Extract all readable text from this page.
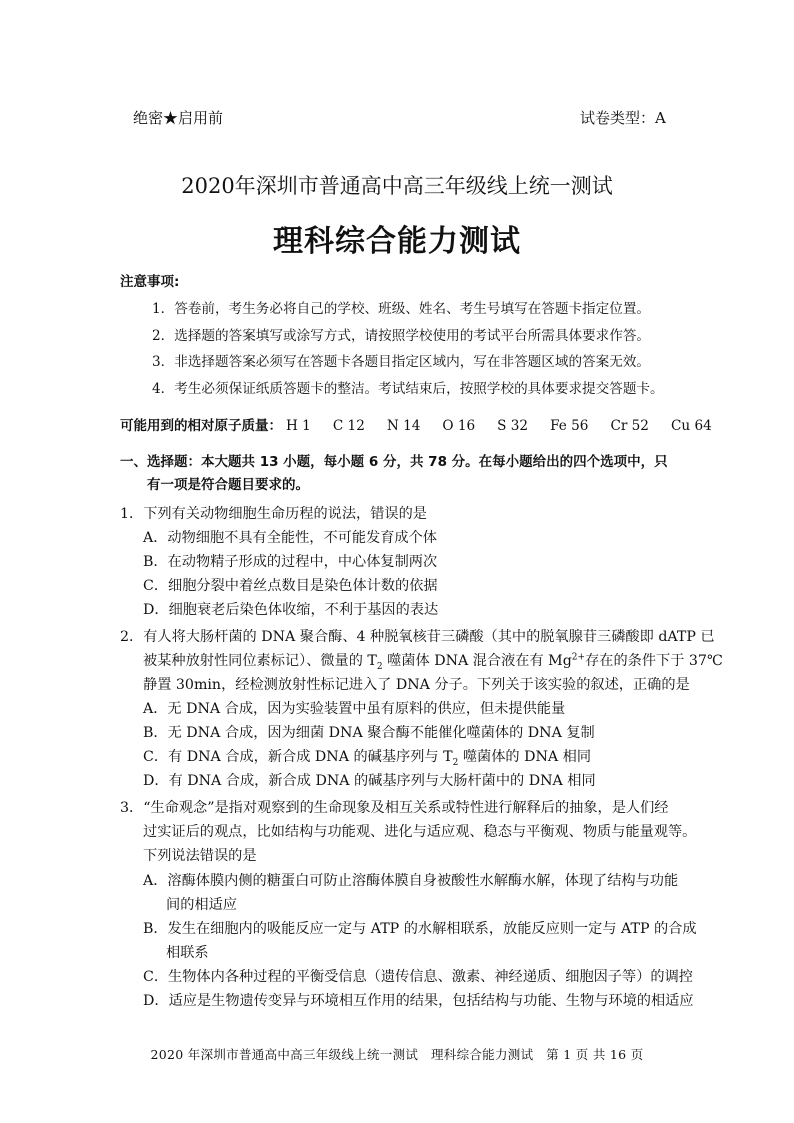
绝密★启用前	试卷类型：A
2020年深圳市普通高中高三年级线上统一测试
理科综合能力测试
注意事项:
1．答卷前，考生务必将自己的学校、班级、姓名、考生号填写在答题卡指定位置。
2．选择题的答案填写或涂写方式，请按照学校使用的考试平台所需具体要求作答。
3．非选择题答案必须写在答题卡各题目指定区域内，写在非答题区域的答案无效。
4．考生必须保证纸质答题卡的整洁。考试结束后，按照学校的具体要求提交答题卡。
可能用到的相对原子质量： H 1 C 12 N 14 O 16 S 32 Fe 56 Cr 52 Cu 64
一、选择题：本大题共 13 小题，每小题 6 分，共 78 分。在每小题给出的四个选项中，只
有一项是符合题目要求的。
1．下列有关动物细胞生命历程的说法，错误的是
A．动物细胞不具有全能性，不可能发育成个体
B．在动物精子形成的过程中，中心体复制两次
C．细胞分裂中着丝点数目是染色体计数的依据
D．细胞衰老后染色体收缩，不利于基因的表达
2．有人将大肠杆菌的 DNA 聚合酶、4 种脱氧核苷三磷酸（其中的脱氧腺苷三磷酸即 dATP 已
被某种放射性同位素标记）、微量的 $T_2$ 噬菌体 DNA 混合液在有 $Mg^{2+}$存在的条件下于 37℃
静置 30min，经检测放射性标记进入了 DNA 分子。下列关于该实验的叙述，正确的是
A．无 DNA 合成，因为实验装置中虽有原料的供应，但未提供能量
B．无 DNA 合成，因为细菌 DNA 聚合酶不能催化噬菌体的 DNA 复制
C．有 DNA 合成，新合成 DNA 的碱基序列与 $T_2$ 噬菌体的 DNA 相同
D．有 DNA 合成，新合成 DNA 的碱基序列与大肠杆菌中的 DNA 相同
3．“生命观念”是指对观察到的生命现象及相互关系或特性进行解释后的抽象，是人们经
过实证后的观点，比如结构与功能观、进化与适应观、稳态与平衡观、物质与能量观等。
下列说法错误的是
A．溶酶体膜内侧的糖蛋白可防止溶酶体膜自身被酸性水解酶水解，体现了结构与功能
间的相适应
B．发生在细胞内的吸能反应一定与 ATP 的水解相联系，放能反应则一定与 ATP 的合成
相联系
C．生物体内各种过程的平衡受信息（遗传信息、激素、神经递质、细胞因子等）的调控
D．适应是生物遗传变异与环境相互作用的结果，包括结构与功能、生物与环境的相适应
2020 年深圳市普通高中高三年级线上统一测试　理科综合能力测试　第 1 页 共 16 页
